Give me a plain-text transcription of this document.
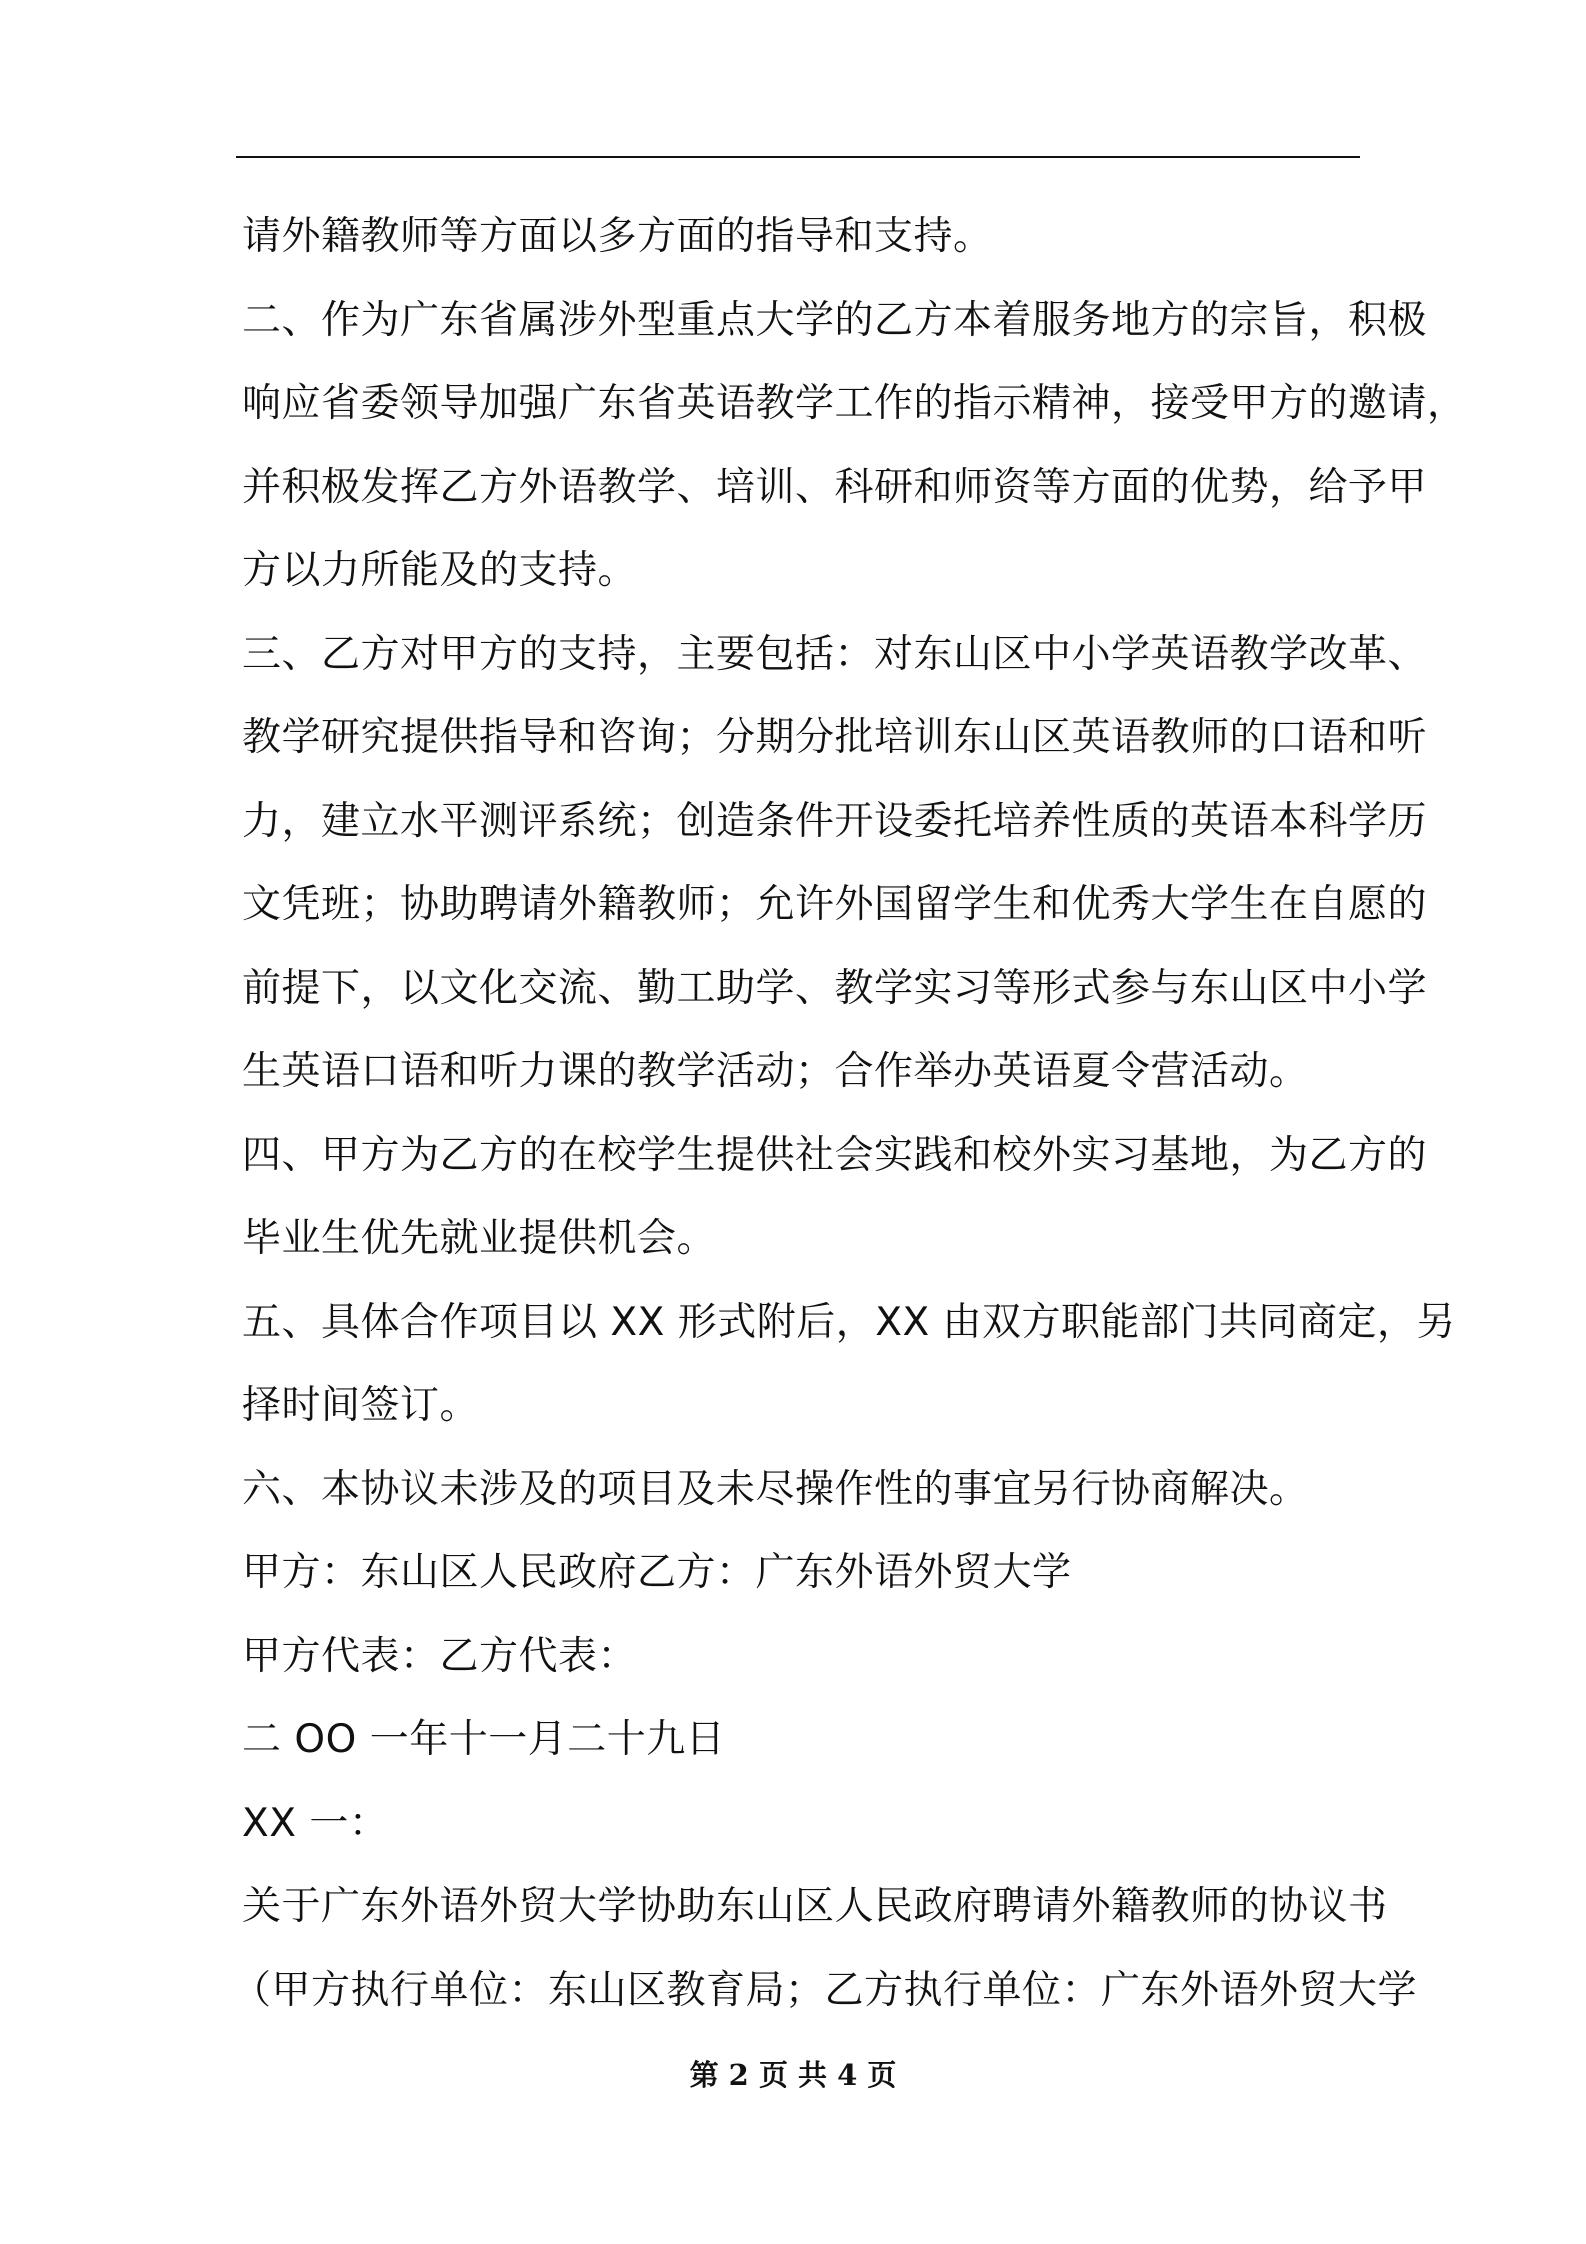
请外籍教师等方面以多方面的指导和支持。
二、作为广东省属涉外型重点大学的乙方本着服务地方的宗旨，积极
响应省委领导加强广东省英语教学工作的指示精神，接受甲方的邀请，
并积极发挥乙方外语教学、培训、科研和师资等方面的优势，给予甲
方以力所能及的支持。
三、乙方对甲方的支持，主要包括：对东山区中小学英语教学改革、
教学研究提供指导和咨询；分期分批培训东山区英语教师的口语和听
力，建立水平测评系统；创造条件开设委托培养性质的英语本科学历
文凭班；协助聘请外籍教师；允许外国留学生和优秀大学生在自愿的
前提下，以文化交流、勤工助学、教学实习等形式参与东山区中小学
生英语口语和听力课的教学活动；合作举办英语夏令营活动。
四、甲方为乙方的在校学生提供社会实践和校外实习基地，为乙方的
毕业生优先就业提供机会。
五、具体合作项目以 XX 形式附后，XX 由双方职能部门共同商定，另
择时间签订。
六、本协议未涉及的项目及未尽操作性的事宜另行协商解决。
甲方：东山区人民政府乙方：广东外语外贸大学
甲方代表：乙方代表：
二 OO 一年十一月二十九日
XX 一：
关于广东外语外贸大学协助东山区人民政府聘请外籍教师的协议书
（甲方执行单位：东山区教育局；乙方执行单位：广东外语外贸大学
第 2 页 共 4 页
